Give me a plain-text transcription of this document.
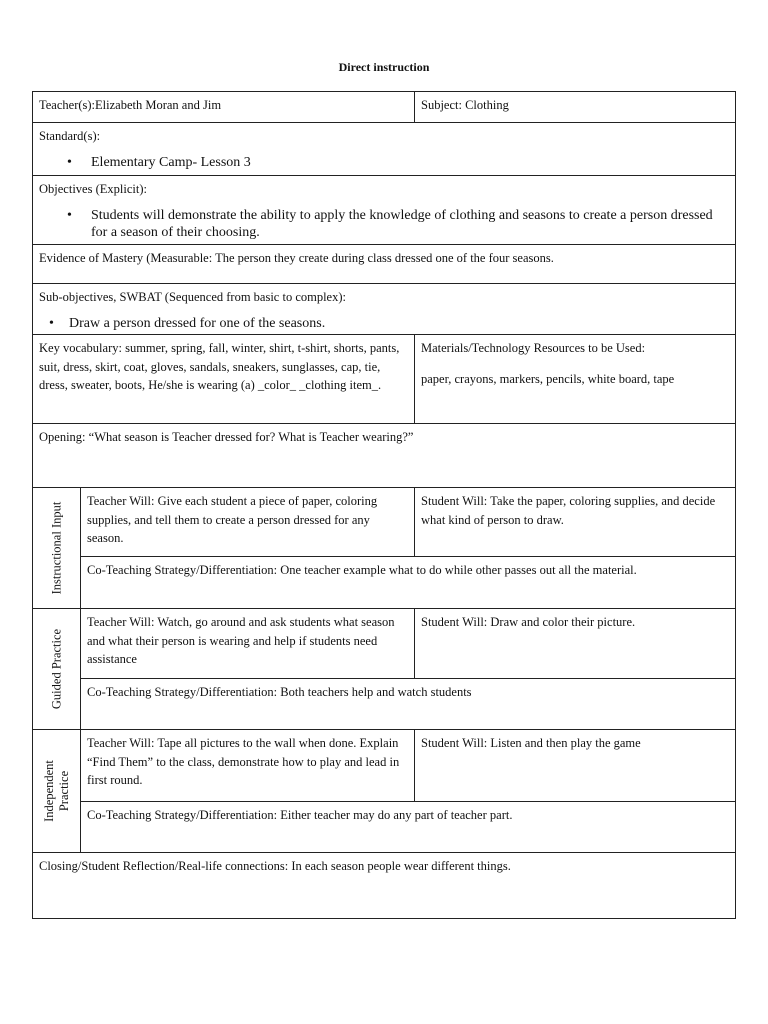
Direct instruction
Teacher(s):Elizabeth Moran and Jim	Subject: Clothing
Standard(s):
• Elementary Camp- Lesson 3
Objectives (Explicit):
• Students will demonstrate the ability to apply the knowledge of clothing and seasons to create a person dressed for a season of their choosing.
Evidence of Mastery (Measurable: The person they create during class dressed one of the four seasons.
Sub-objectives, SWBAT (Sequenced from basic to complex):
• Draw a person dressed for one of the seasons.
Key vocabulary: summer, spring, fall, winter, shirt, t-shirt, shorts, pants, suit, dress, skirt, coat, gloves, sandals, sneakers, sunglasses, cap, tie, dress, sweater, boots, He/she is wearing (a) _color_ _clothing item_.
Materials/Technology Resources to be Used:
paper, crayons, markers, pencils, white board, tape
Opening: “What season is Teacher dressed for? What is Teacher wearing?”
Instructional Input
Teacher Will: Give each student a piece of paper, coloring supplies, and tell them to create a person dressed for any season.
Student Will: Take the paper, coloring supplies, and decide what kind of person to draw.
Co-Teaching Strategy/Differentiation: One teacher example what to do while other passes out all the material.
Guided Practice
Teacher Will: Watch, go around and ask students what season and what their person is wearing and help if students need assistance
Student Will: Draw and color their picture.
Co-Teaching Strategy/Differentiation: Both teachers help and watch students
Independent Practice
Teacher Will: Tape all pictures to the wall when done. Explain “Find Them” to the class, demonstrate how to play and lead in first round.
Student Will: Listen and then play the game
Co-Teaching Strategy/Differentiation: Either teacher may do any part of teacher part.
Closing/Student Reflection/Real-life connections: In each season people wear different things.
